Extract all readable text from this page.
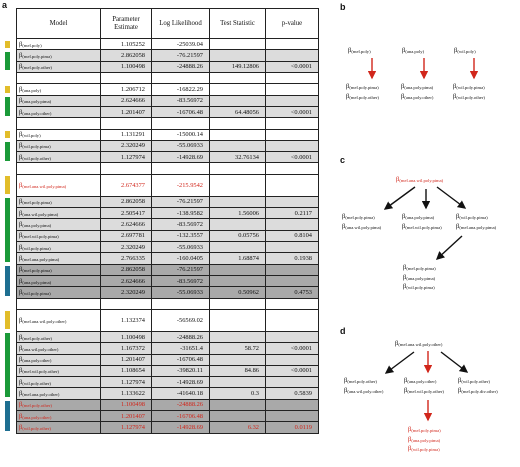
a	b
c
d
Model	Parameter Estimate	Log Likelihood	Test Statistic	p-value
β(mel.poly)	1.105252	-25039.04		
β(mel.poly.pima)	2.862058	-76.21597		
β(mel.poly.other)	1.100498	-24888.26	149.12806	<0.0001

β(ana.poly)	1.206712	-16822.29		
β(ana.poly.pima)	2.624666	-83.56972		
β(ana.poly.other)	1.201407	-16706.48	64.48056	<0.0001

β(wil.poly)	1.131291	-15000.14		
β(wil.poly.pima)	2.320249	-55.06933		
β(wil.poly.other)	1.127974	-14928.69	32.76134	<0.0001

β(mel.ana.wil.poly.pima)	2.674377	-215.9542		
β(mel.poly.pima)	2.862058	-76.21597		
β(ana.wil.poly.pima)	2.505417	-138.9582	1.56006	0.2117
β(ana.poly.pima)	2.624666	-83.56972		
β(mel.wil.poly.pima)	2.697781	-132.3557	0.05756	0.8104
β(wil.poly.pima)	2.320249	-55.06933		
β(mel.ana.poly.pima)	2.766335	-160.0405	1.68874	0.1938
β(mel.poly.pima)	2.862058	-76.21597		
β(ana.poly.pima)	2.624666	-83.56972		
β(wil.poly.pima)	2.320249	-55.06933	0.50962	0.4753

β(mel.ana.wil.poly.other)	1.132374	-56569.02		
β(mel.poly.other)	1.100498	-24888.26		
β(ana.wil.poly.other)	1.167372	-31651.4	58.72	<0.0001
β(ana.poly.other)	1.201407	-16706.48		
β(mel.wil.poly.other)	1.108654	-39820.11	84.86	<0.0001
β(wil.poly.other)	1.127974	-14928.69		
β(mel.ana.poly.other)	1.133622	-41640.18	0.3	0.5839
β(mel.poly.other)	1.100498	-24888.26		
β(ana.poly.other)	1.201407	-16706.48		
β(wil.poly.other)	1.127974	-14928.69	6.32	0.0119
β(mel.poly)	β(ana.poly)	β(wil.poly)
β(mel.poly.pima)
β(mel.poly.other)
β(ana.poly.pima)
β(ana.poly.other)
β(wil.poly.pima)
β(wil.poly.other)
β(mel.ana.wil.poly.pima)
β(mel.poly.pima)
β(ana.wil.poly.pima)
β(ana.poly.pima)
β(mel.wil.poly.pima)
β(wil.poly.pima)
β(mel.ana.poly.pima)
β(mel.poly.pima)
β(ana.poly.pima)
β(wil.poly.pima)
β(mel.ana.wil.poly.other)
β(mel.poly.other)
β(ana.wil.poly.other)
β(ana.poly.other)
β(mel.wil.poly.other)
β(wil.poly.other)
β(mel.poly.div.other)
β(mel.poly.pima)
β(ana.poly.pima)
β(wil.poly.pima)
